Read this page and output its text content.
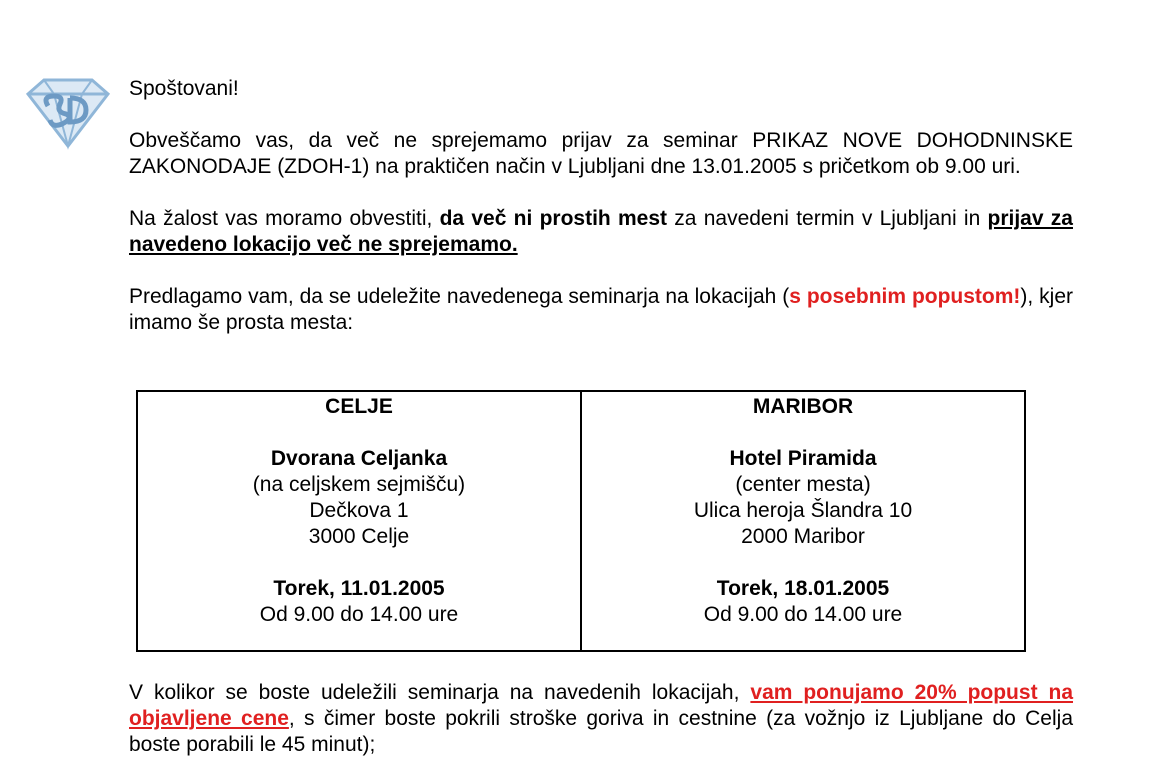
Spoštovani!

Obveščamo vas, da več ne sprejemamo prijav za seminar PRIKAZ NOVE DOHODNINSKE ZAKONODAJE (ZDOH-1) na praktičen način v Ljubljani dne 13.01.2005 s pričetkom ob 9.00 uri.

Na žalost vas moramo obvestiti, da več ni prostih mest za navedeni termin v Ljubljani in prijav za navedeno lokacijo več ne sprejemamo.

Predlagamo vam, da se udeležite navedenega seminarja na lokacijah (s posebnim popustom!), kjer imamo še prosta mesta:

CELJE
Dvorana Celjanka
(na celjskem sejmišču)
Dečkova 1
3000 Celje
Torek, 11.01.2005
Od 9.00 do 14.00 ure
MARIBOR
Hotel Piramida
(center mesta)
Ulica heroja Šlandra 10
2000 Maribor
Torek, 18.01.2005
Od 9.00 do 14.00 ure
V kolikor se boste udeležili seminarja na navedenih lokacijah, vam ponujamo 20% popust na objavljene cene, s čimer boste pokrili stroške goriva in cestnine (za vožnjo iz Ljubljane do Celja boste porabili le 45 minut);
